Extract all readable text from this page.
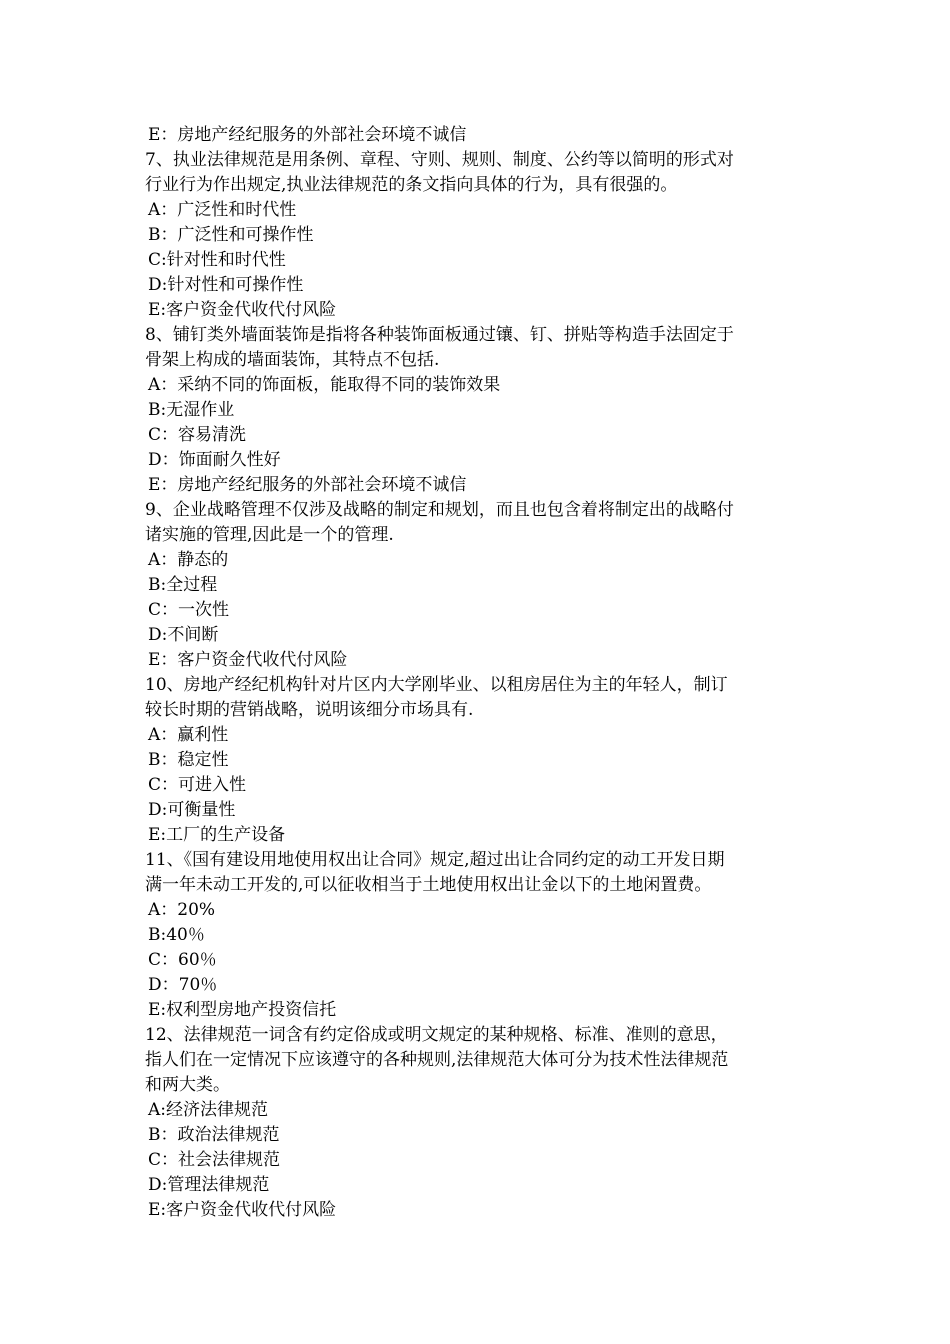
E：房地产经纪服务的外部社会环境不诚信
7、执业法律规范是用条例、章程、守则、规则、制度、公约等以简明的形式对
行业行为作出规定,执业法律规范的条文指向具体的行为，具有很强的。
A：广泛性和时代性
B：广泛性和可操作性
C:针对性和时代性
D:针对性和可操作性
E:客户资金代收代付风险
8、铺钉类外墙面装饰是指将各种装饰面板通过镶、钉、拼贴等构造手法固定于
骨架上构成的墙面装饰，其特点不包括.
A：采纳不同的饰面板，能取得不同的装饰效果
B:无湿作业
C：容易清洗
D：饰面耐久性好
E：房地产经纪服务的外部社会环境不诚信
9、企业战略管理不仅涉及战略的制定和规划，而且也包含着将制定出的战略付
诸实施的管理,因此是一个的管理.
A：静态的
B:全过程
C：一次性
D:不间断
E：客户资金代收代付风险
10、房地产经纪机构针对片区内大学刚毕业、以租房居住为主的年轻人，制订
较长时期的营销战略，说明该细分市场具有.
A：赢利性
B：稳定性
C：可进入性
D:可衡量性
E:工厂的生产设备
11、《国有建设用地使用权出让合同》规定,超过出让合同约定的动工开发日期
满一年未动工开发的,可以征收相当于土地使用权出让金以下的土地闲置费。
A：20%
B:40％
C：60％
D：70％
E:权利型房地产投资信托
12、法律规范一词含有约定俗成或明文规定的某种规格、标准、准则的意思，
指人们在一定情况下应该遵守的各种规则,法律规范大体可分为技术性法律规范
和两大类。
A:经济法律规范
B：政治法律规范
C：社会法律规范
D:管理法律规范
E:客户资金代收代付风险
